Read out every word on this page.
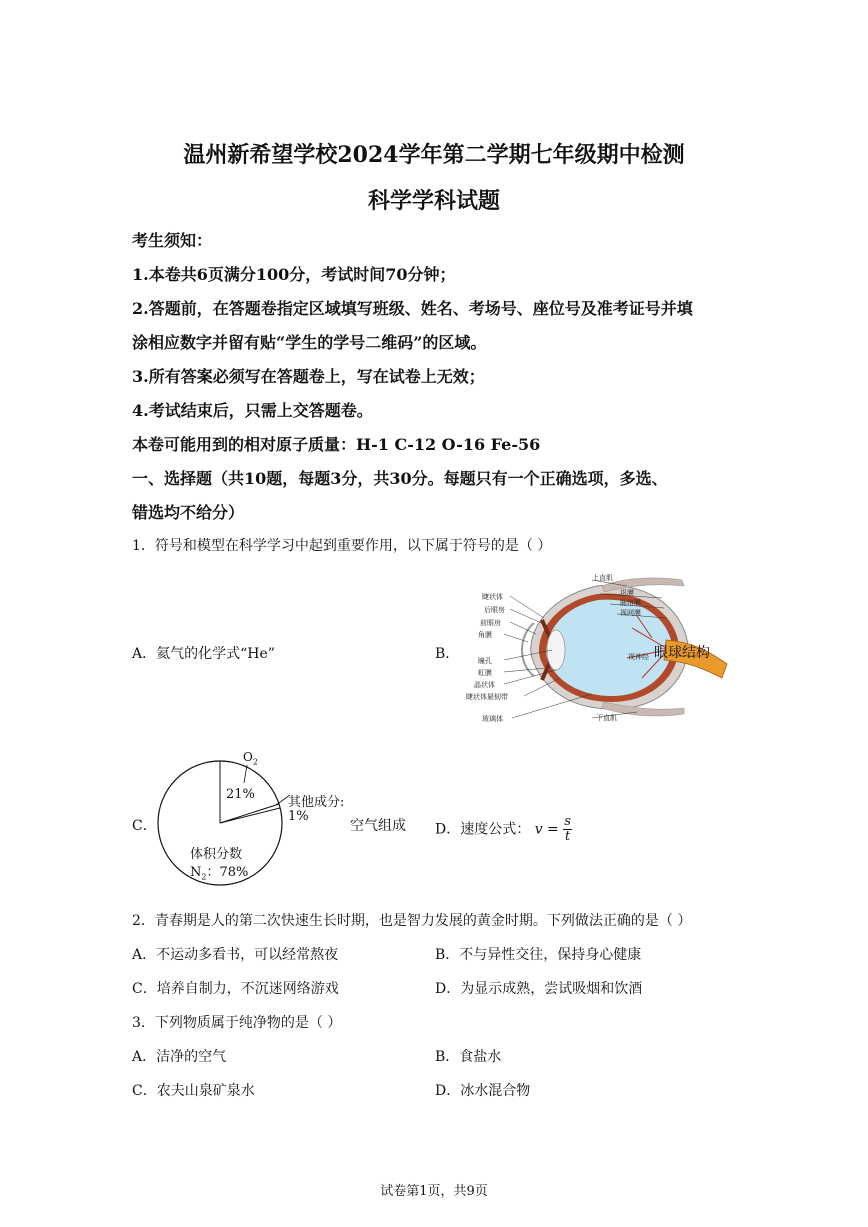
温州新希望学校2024学年第二学期七年级期中检测
科学学科试题
考生须知：
1.本卷共6页满分100分，考试时间70分钟；
2.答题前，在答题卷指定区域填写班级、姓名、考场号、座位号及准考证号并填
涂相应数字并留有贴“学生的学号二维码”的区域。
3.所有答案必须写在答题卷上，写在试卷上无效；
4.考试结束后，只需上交答题卷。
本卷可能用到的相对原子质量：H-1 C-12 O-16 Fe-56
一、选择题（共10题，每题3分，共30分。每题只有一个正确选项，多选、
错选均不给分）
1．符号和模型在科学学习中起到重要作用，以下属于符号的是（ ）
A．氦气的化学式“He”	B．
上直肌
巩膜
脉络膜
视网膜
睫状体
后眼房
前眼房
角膜
瞳孔
虹膜
晶状体
睫状体悬韧带
玻璃体
视神经
下直肌
眼球结构
C．
$O_2$
21%
其他成分:
1%
体积分数
$N_2$：78%
空气组成 D．速度公式： $v = \frac{s}{t}$
2．青春期是人的第二次快速生长时期，也是智力发展的黄金时期。下列做法正确的是（ ）
A．不运动多看书，可以经常熬夜	B．不与异性交往，保持身心健康
C．培养自制力，不沉迷网络游戏	D．为显示成熟，尝试吸烟和饮酒
3．下列物质属于纯净物的是（ ）
A．洁净的空气	B．食盐水
C．农夫山泉矿泉水	D．冰水混合物
试卷第1页，共9页
